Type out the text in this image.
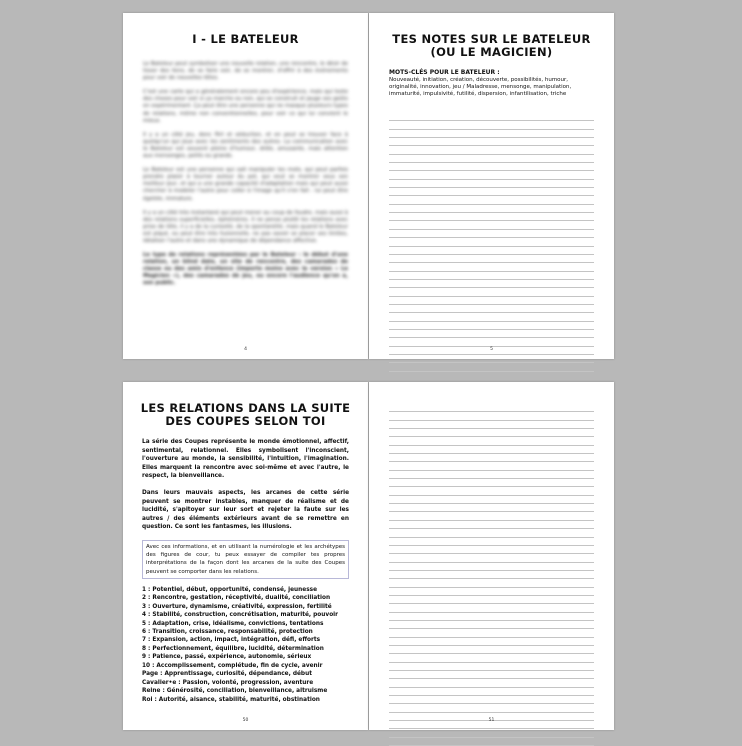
I - LE BATELEUR

Le Bateleur peut symboliser une nouvelle relation, une rencontre, le désir de tisser des liens, de se faire voir, de se montrer, d'offrir à des événements pour voir de nouvelles têtes.

C'est une carte qui a généralement encore peu d'expérience, mais qui teste des choses pour voir si ça marche ou non, qui se construit et jauge ses goûts en expérimentant. Ça peut être une personne qui ne masque plusieurs types de relations, même non conventionnelles, pour voir ce qui lui convient le mieux.

Il y a un côté jeu, donc flirt et séduction, et on peut se trouver face à quelqu'un qui joue avec les sentiments des autres. La communication avec le Bateleur est souvent pleine d'humour, drôle, amusante, mais attention aux mensonges, petits ou grands.

Le Bateleur est une personne qui sait manipuler les mots, qui peut parfois prendre plaisir à tourner autour du pot, qui veut se montrer sous son meilleur jour, et qui a une grande capacité d'adaptation mais qui peut aussi chercher à modeler l'autre pour coller à l'image qu'il s'en fait : lui peut être égoïste, immature.

Il y a un côté très instantané qui peut mener au coup de foudre, mais aussi à des relations superficielles, éphémères. Il ne pense plutôt les relations avec prise de tête, il y a de la curiosité, de la spontanéité, mais quand le Bateleur est piqué, ou peut être très fusionnelle, ne pas savoir se placer ses limites, idéaliser l'autre et dans une dynamique de dépendance affective.

Le type de relations représentées par le Bateleur : le début d'une relation, un blind date, un site de rencontre, des camarades de classe ou des amis d'enfance (importe moins avec la version « Le Magicien »), des camarades de jeu, ou encore l'audience qu'on a, son public.

4
TES NOTES SUR LE BATELEUR
(OU LE MAGICIEN)
MOTS-CLÉS POUR LE BATELEUR :
Nouveauté, initiation, création, découverte, possibilités, humour, originalité, innovation, jeu / Maladresse, mensonge, manipulation, immaturité, impulsivité, futilité, dispersion, infantilisation, triche
5
LES RELATIONS DANS LA SUITE
DES COUPES SELON TOI

La série des Coupes représente le monde émotionnel, affectif, sentimental, relationnel. Elles symbolisent l'inconscient, l'ouverture au monde, la sensibilité, l'intuition, l'imagination. Elles marquent la rencontre avec soi-même et avec l'autre, le respect, la bienveillance.

Dans leurs mauvais aspects, les arcanes de cette série peuvent se montrer instables, manquer de réalisme et de lucidité, s'apitoyer sur leur sort et rejeter la faute sur les autres / des éléments extérieurs avant de se remettre en question. Ce sont les fantasmes, les illusions.

Avec ces informations, et en utilisant la numérologie et les archétypes des figures de cour, tu peux essayer de compiler tes propres interprétations de la façon dont les arcanes de la suite des Coupes peuvent se comporter dans les relations.
1 : Potentiel, début, opportunité, condensé, jeunesse
2 : Rencontre, gestation, réceptivité, dualité, conciliation
3 : Ouverture, dynamisme, créativité, expression, fertilité
4 : Stabilité, construction, concrétisation, maturité, pouvoir
5 : Adaptation, crise, idéalisme, convictions, tentations
6 : Transition, croissance, responsabilité, protection
7 : Expansion, action, impact, intégration, défi, efforts
8 : Perfectionnement, équilibre, lucidité, détermination
9 : Patience, passé, expérience, autonomie, sérieux
10 : Accomplissement, complétude, fin de cycle, avenir
Page : Apprentissage, curiosité, dépendance, début
Cavalier•e : Passion, volonté, progression, aventure
Reine : Générosité, conciliation, bienveillance, altruisme
Roi : Autorité, aisance, stabilité, maturité, obstination
50	51
